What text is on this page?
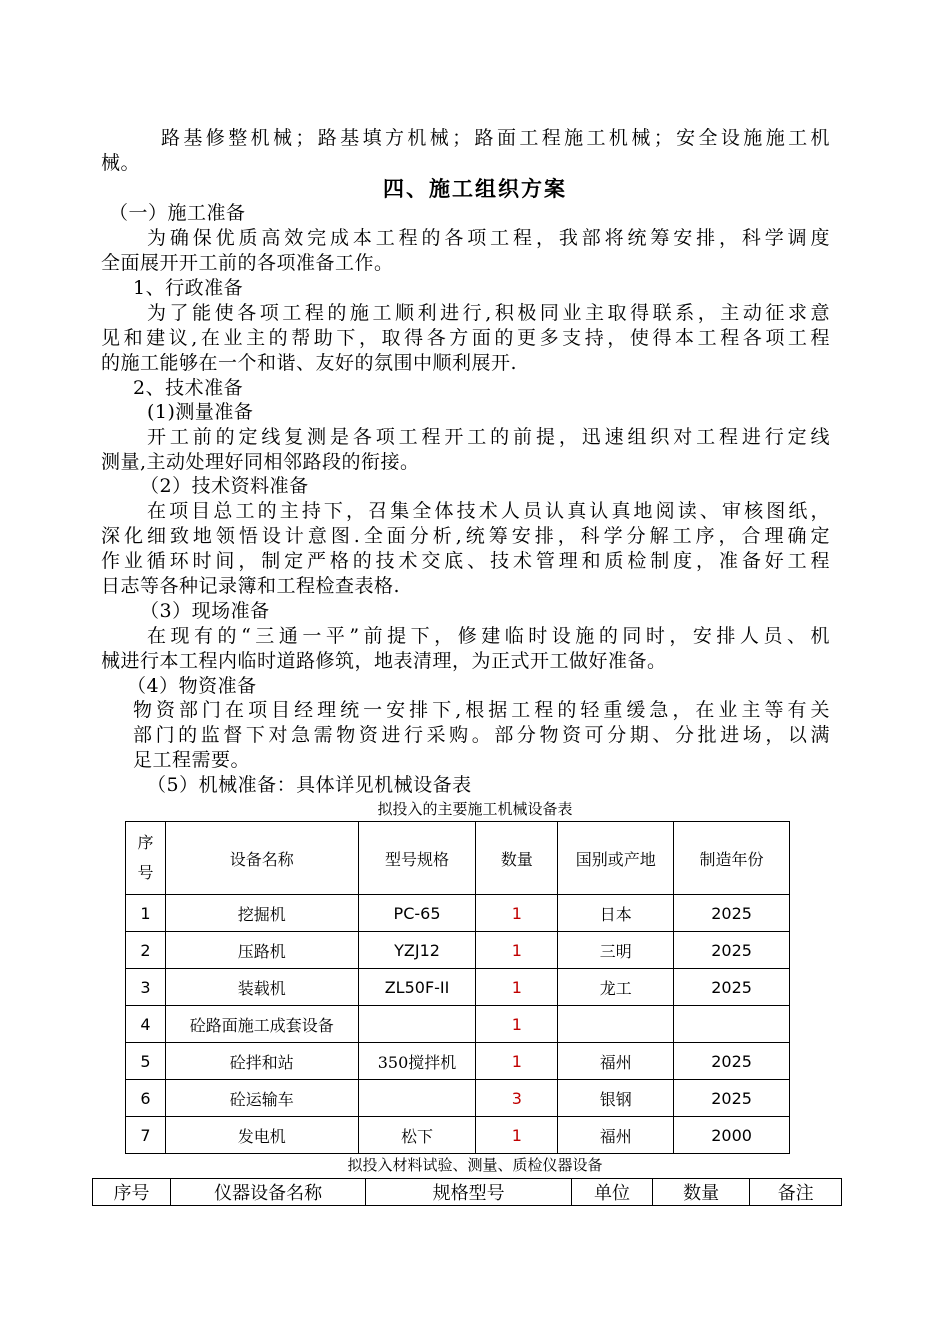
路基修整机械；路基填方机械；路面工程施工机械；安全设施施工机
械。
四、施工组织方案
（一）施工准备
为确保优质高效完成本工程的各项工程，我部将统筹安排，科学调度
全面展开开工前的各项准备工作。
1、行政准备
为了能使各项工程的施工顺利进行,积极同业主取得联系，主动征求意
见和建议,在业主的帮助下，取得各方面的更多支持，使得本工程各项工程
的施工能够在一个和谐、友好的氛围中顺利展开.
2、技术准备
(1)测量准备
开工前的定线复测是各项工程开工的前提，迅速组织对工程进行定线
测量,主动处理好同相邻路段的衔接。
（2）技术资料准备
在项目总工的主持下，召集全体技术人员认真认真地阅读、审核图纸，
深化细致地领悟设计意图.全面分析,统筹安排，科学分解工序，合理确定
作业循环时间，制定严格的技术交底、技术管理和质检制度，准备好工程
日志等各种记录簿和工程检查表格.
（3）现场准备
在现有的“三通一平”前提下，修建临时设施的同时，安排人员、机
械进行本工程内临时道路修筑，地表清理，为正式开工做好准备。
（4）物资准备
物资部门在项目经理统一安排下,根据工程的轻重缓急，在业主等有关
部门的监督下对急需物资进行采购。部分物资可分期、分批进场，以满
足工程需要。
（5）机械准备：具体详见机械设备表
拟投入的主要施工机械设备表
序
号	设备名称	型号规格	数量	国别或产地	制造年份
1	挖掘机	PC-65	1	日本	2025
2	压路机	YZJ12	1	三明	2025
3	装载机	ZL50F-II	1	龙工	2025
4	砼路面施工成套设备		1		
5	砼拌和站	350搅拌机	1	福州	2025
6	砼运输车		3	银钢	2025
7	发电机	松下	1	福州	2000
拟投入材料试验、测量、质检仪器设备
序号	仪器设备名称	规格型号	单位	数量	备注
